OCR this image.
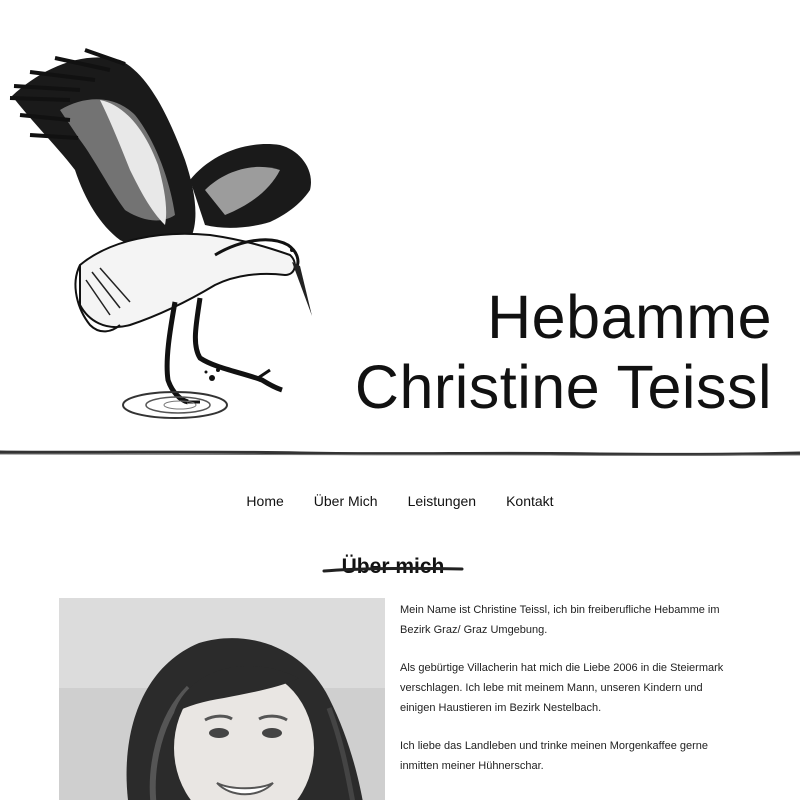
Hebamme
Christine Teissl
Home Über Mich Leistungen Kontakt
Über mich

Mein Name ist Christine Teissl, ich bin freiberufliche Hebamme im Bezirk Graz/ Graz Umgebung.

Als gebürtige Villacherin hat mich die Liebe 2006 in die Steiermark verschlagen. Ich lebe mit meinem Mann, unseren Kindern und einigen Haustieren im Bezirk Nestelbach.

Ich liebe das Landleben und trinke meinen Morgenkaffee gerne inmitten meiner Hühnerschar.
